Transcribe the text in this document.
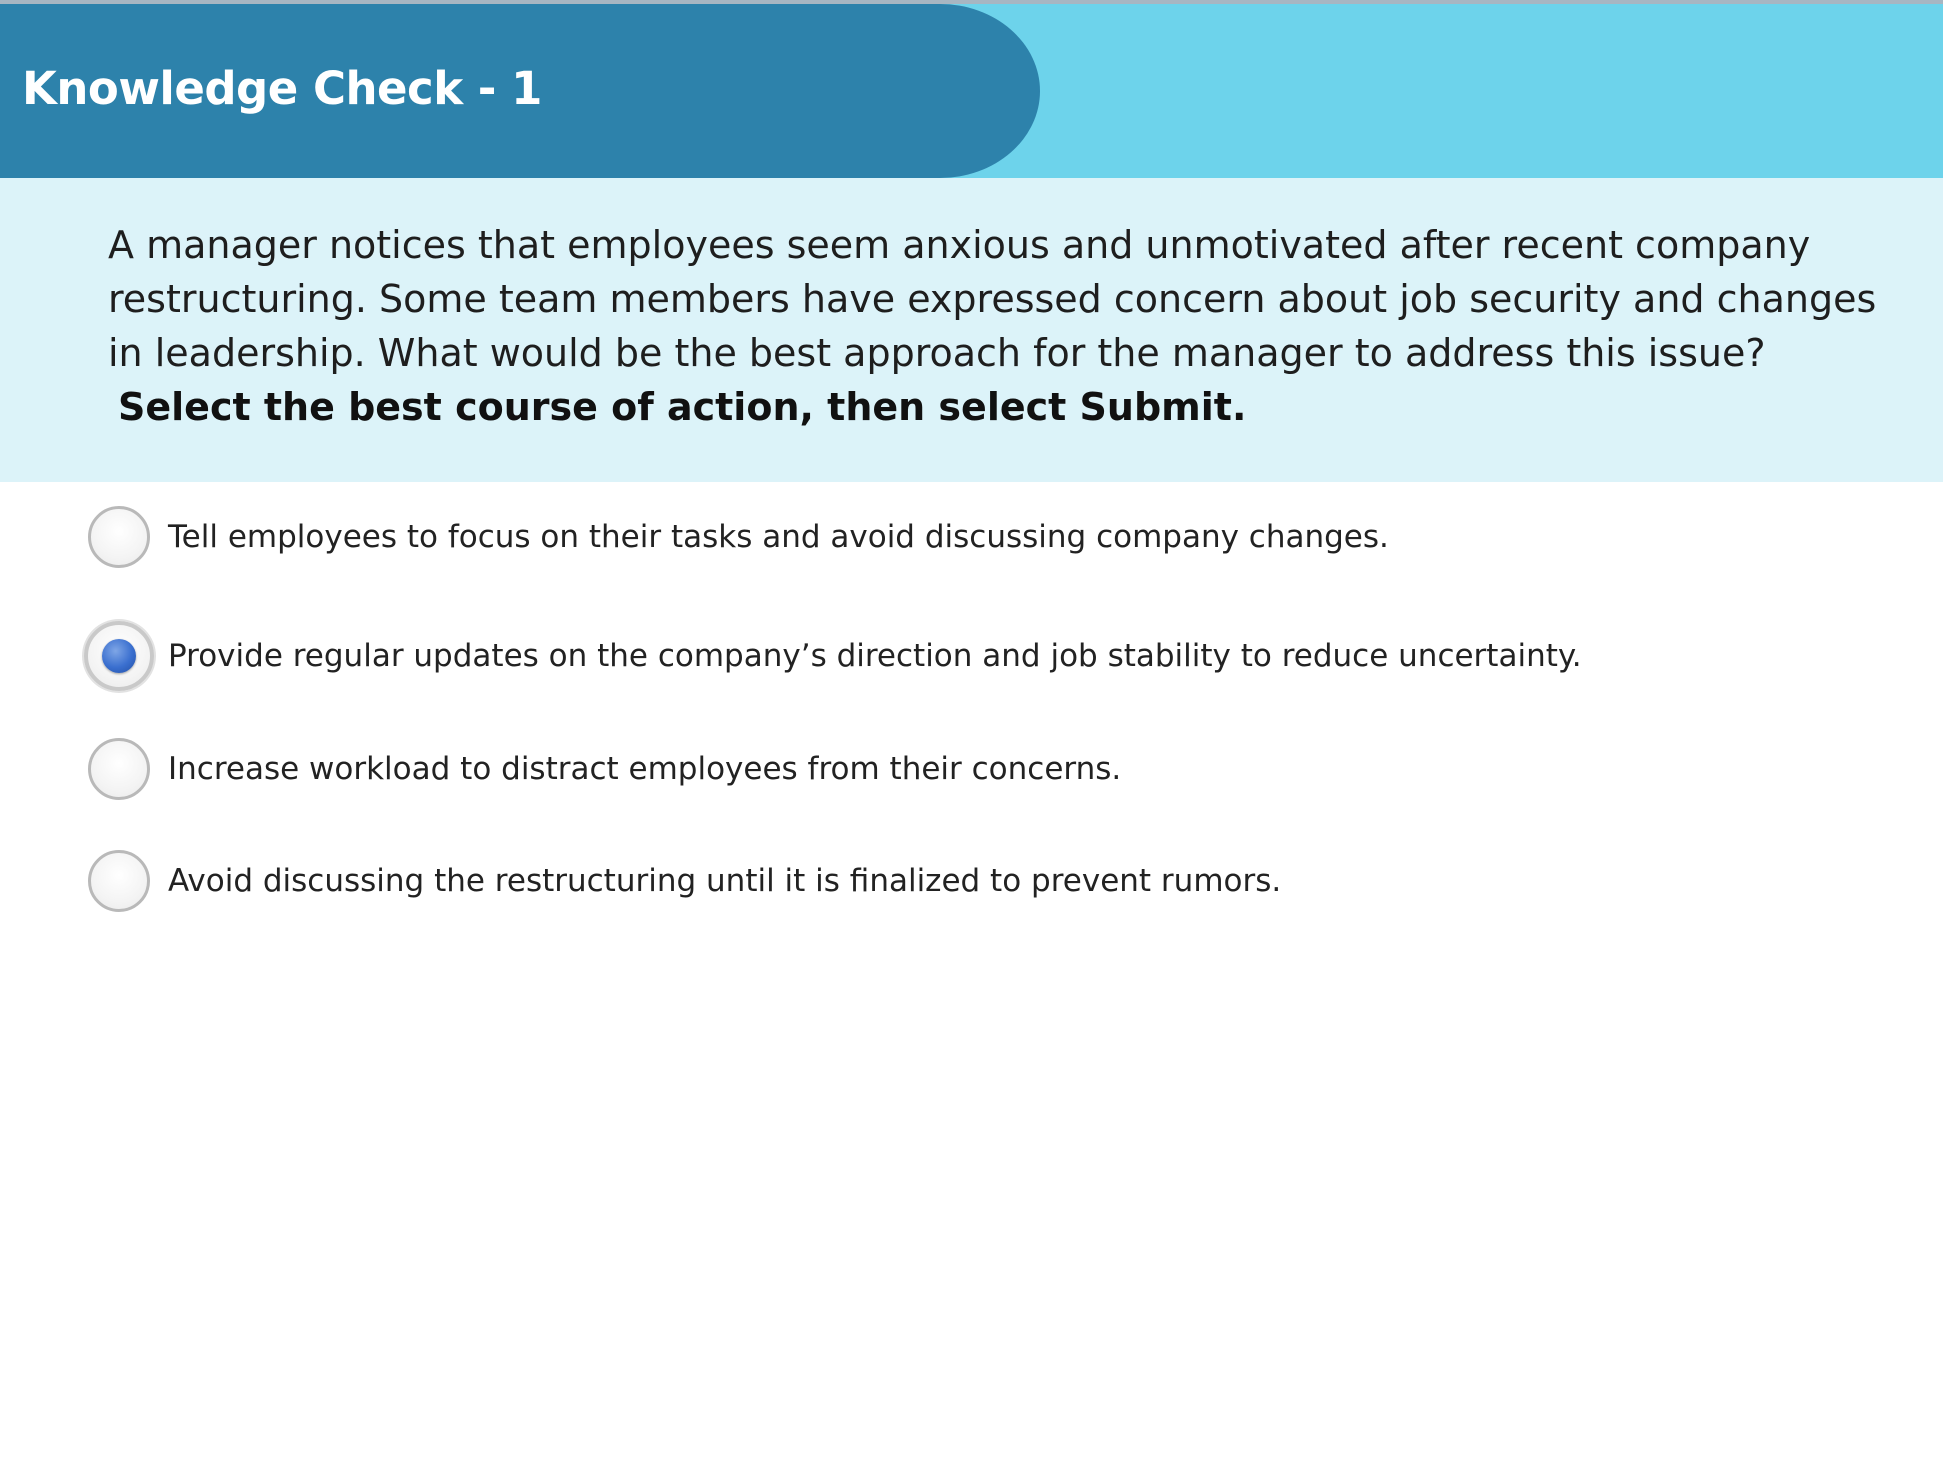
Knowledge Check - 1
A manager notices that employees seem anxious and unmotivated after recent company restructuring. Some team members have expressed concern about job security and changes in leadership. What would be the best approach for the manager to address this issue?
Select the best course of action, then select Submit.
Tell employees to focus on their tasks and avoid discussing company changes.
Provide regular updates on the company’s direction and job stability to reduce uncertainty.
Increase workload to distract employees from their concerns.
Avoid discussing the restructuring until it is finalized to prevent rumors.
